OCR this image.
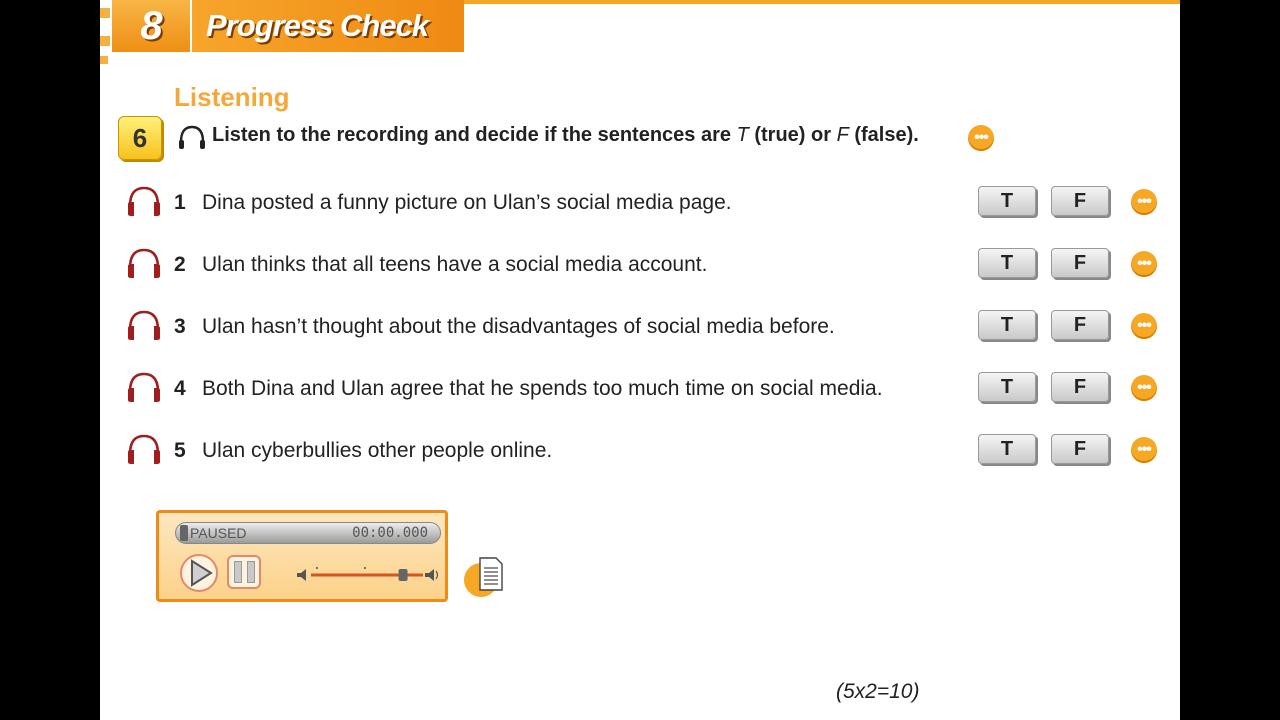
8 Progress Check
Listening
6	Listen to the recording and decide if the sentences are T (true) or F (false).	•••
1 Dina posted a funny picture on Ulan’s social media page.	T	F	•••
2 Ulan thinks that all teens have a social media account.	T	F	•••
3 Ulan hasn’t thought about the disadvantages of social media before.	T	F	•••
4 Both Dina and Ulan agree that he spends too much time on social media.	T	F	•••
5 Ulan cyberbullies other people online.	T	F	•••
PAUSED	00:00.000
(5x2=10)
